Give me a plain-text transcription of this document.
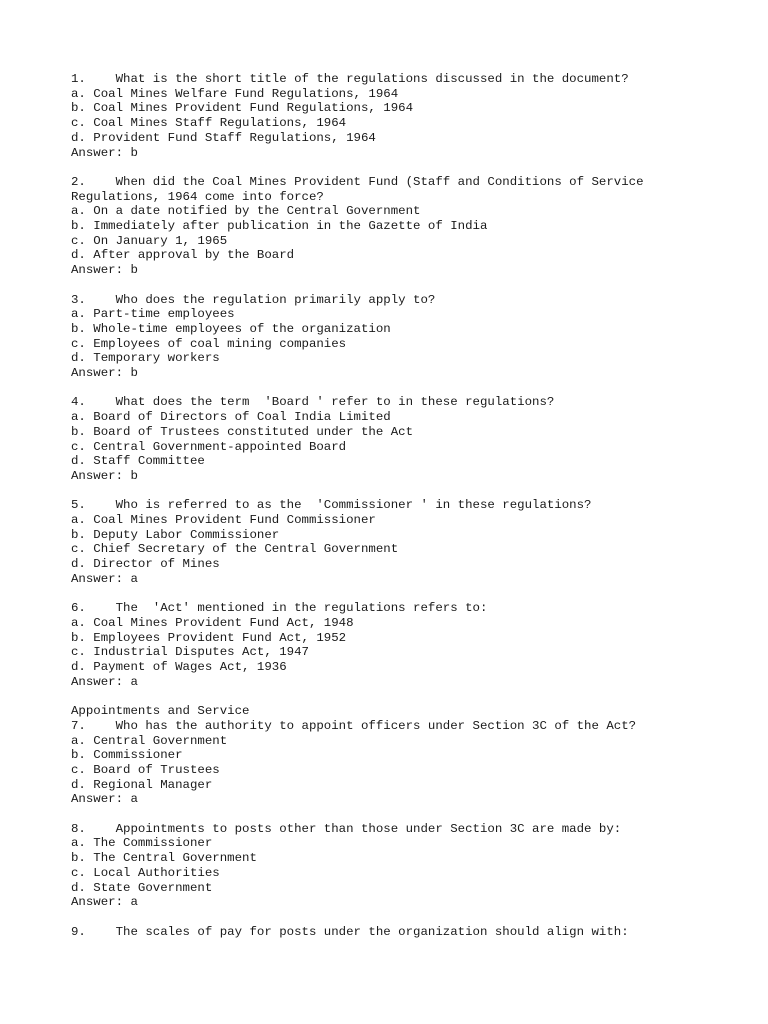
1.    What is the short title of the regulations discussed in the document?
a. Coal Mines Welfare Fund Regulations, 1964
b. Coal Mines Provident Fund Regulations, 1964
c. Coal Mines Staff Regulations, 1964
d. Provident Fund Staff Regulations, 1964
Answer: b
2.    When did the Coal Mines Provident Fund (Staff and Conditions of Service
Regulations, 1964 come into force?
a. On a date notified by the Central Government
b. Immediately after publication in the Gazette of India
c. On January 1, 1965
d. After approval by the Board
Answer: b
3.    Who does the regulation primarily apply to?
a. Part-time employees
b. Whole-time employees of the organization
c. Employees of coal mining companies
d. Temporary workers
Answer: b
4.    What does the term  'Board ' refer to in these regulations?
a. Board of Directors of Coal India Limited
b. Board of Trustees constituted under the Act
c. Central Government-appointed Board
d. Staff Committee
Answer: b
5.    Who is referred to as the  'Commissioner ' in these regulations?
a. Coal Mines Provident Fund Commissioner
b. Deputy Labor Commissioner
c. Chief Secretary of the Central Government
d. Director of Mines
Answer: a
6.    The  'Act' mentioned in the regulations refers to:
a. Coal Mines Provident Fund Act, 1948
b. Employees Provident Fund Act, 1952
c. Industrial Disputes Act, 1947
d. Payment of Wages Act, 1936
Answer: a
Appointments and Service
7.    Who has the authority to appoint officers under Section 3C of the Act?
a. Central Government
b. Commissioner
c. Board of Trustees
d. Regional Manager
Answer: a
8.    Appointments to posts other than those under Section 3C are made by:
a. The Commissioner
b. The Central Government
c. Local Authorities
d. State Government
Answer: a
9.    The scales of pay for posts under the organization should align with:
